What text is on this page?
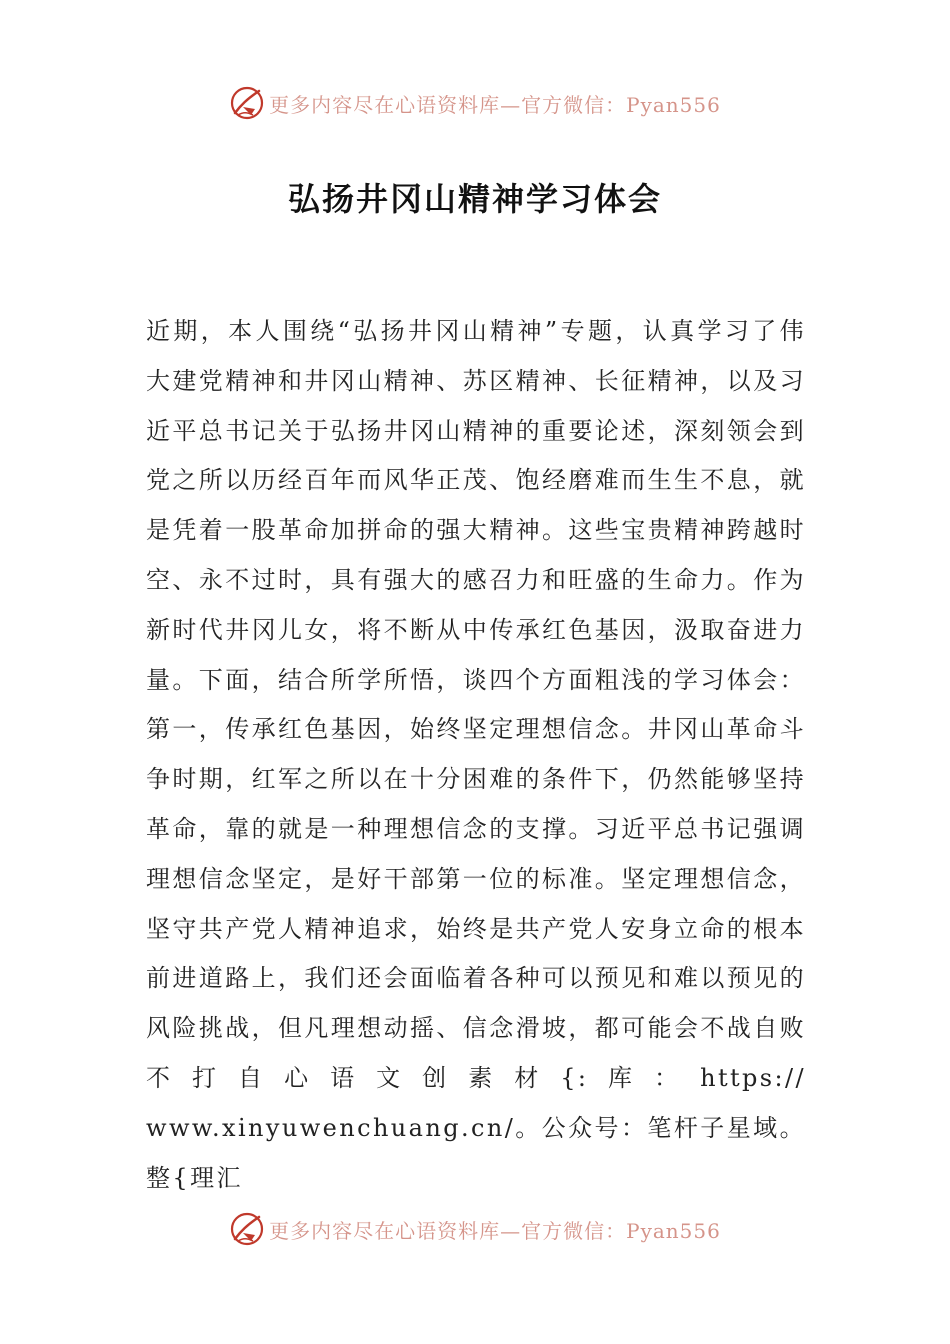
更多内容尽在心语资料库—官方微信：Pyan556
弘扬井冈山精神学习体会

近期，本人围绕“弘扬井冈山精神”专题，认真学习了伟大建党精神和井冈山精神、苏区精神、长征精神，以及习近平总书记关于弘扬井冈山精神的重要论述，深刻领会到党之所以历经百年而风华正茂、饱经磨难而生生不息，就是凭着一股革命加拼命的强大精神。这些宝贵精神跨越时空、永不过时，具有强大的感召力和旺盛的生命力。作为新时代井冈儿女，将不断从中传承红色基因，汲取奋进力量。下面，结合所学所悟，谈四个方面粗浅的学习体会：

第一，传承红色基因，始终坚定理想信念。井冈山革命斗争时期，红军之所以在十分困难的条件下，仍然能够坚持革命，靠的就是一种理想信念的支撑。习近平总书记强调理想信念坚定，是好干部第一位的标准。坚定理想信念，坚守共产党人精神追求，始终是共产党人安身立命的根本前进道路上，我们还会面临着各种可以预见和难以预见的风险挑战，但凡理想动摇、信念滑坡，都可能会不战自败

不打自心语文创素材{:库：https://

www.xinyuwenchuang.cn/。公众号：笔杆子星域。整{理汇

更多内容尽在心语资料库—官方微信：Pyan556
